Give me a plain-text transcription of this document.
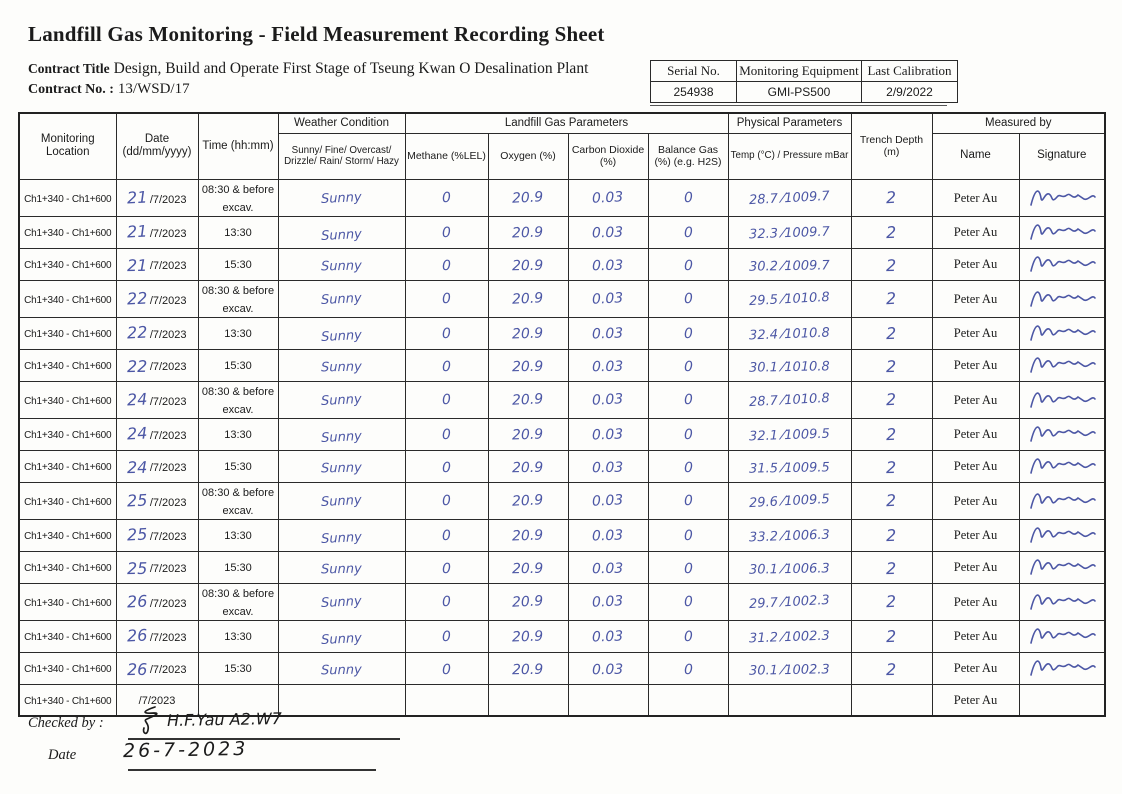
Landfill Gas Monitoring - Field Measurement Recording Sheet
Contract Title Design, Build and Operate First Stage of Tseung Kwan O Desalination Plant
Contract No. : 13/WSD/17
Serial No.	Monitoring Equipment	Last Calibration
254938	GMI-PS500	2/9/2022
Monitoring Location	Date (dd/mm/yyyy)	Time (hh:mm)	Weather Condition	Landfill Gas Parameters				Physical Parameters	Trench Depth (m)	Measured by	
			Sunny/ Fine/ Overcast/ Drizzle/ Rain/ Storm/ Hazy	Methane (%LEL)	Oxygen (%)	Carbon Dioxide (%)	Balance Gas (%) (e.g. H2S)	Temp (°C) / Pressure mBar		Name	Signature
Ch1+340 - Ch1+600	21 /7/2023	08:30 & before excav.	Sunny	0	20.9	0.03	0	28.7 ⁄1009.7	2	Peter Au	
Ch1+340 - Ch1+600	21 /7/2023	13:30	Sunny	0	20.9	0.03	0	32.3 ⁄1009.7	2	Peter Au	
Ch1+340 - Ch1+600	21 /7/2023	15:30	Sunny	0	20.9	0.03	0	30.2 ⁄1009.7	2	Peter Au	
Ch1+340 - Ch1+600	22 /7/2023	08:30 & before excav.	Sunny	0	20.9	0.03	0	29.5 ⁄1010.8	2	Peter Au	
Ch1+340 - Ch1+600	22 /7/2023	13:30	Sunny	0	20.9	0.03	0	32.4 ⁄1010.8	2	Peter Au	
Ch1+340 - Ch1+600	22 /7/2023	15:30	Sunny	0	20.9	0.03	0	30.1 ⁄1010.8	2	Peter Au	
Ch1+340 - Ch1+600	24 /7/2023	08:30 & before excav.	Sunny	0	20.9	0.03	0	28.7 ⁄1010.8	2	Peter Au	
Ch1+340 - Ch1+600	24 /7/2023	13:30	Sunny	0	20.9	0.03	0	32.1 ⁄1009.5	2	Peter Au	
Ch1+340 - Ch1+600	24 /7/2023	15:30	Sunny	0	20.9	0.03	0	31.5 ⁄1009.5	2	Peter Au	
Ch1+340 - Ch1+600	25 /7/2023	08:30 & before excav.	Sunny	0	20.9	0.03	0	29.6 ⁄1009.5	2	Peter Au	
Ch1+340 - Ch1+600	25 /7/2023	13:30	Sunny	0	20.9	0.03	0	33.2 ⁄1006.3	2	Peter Au	
Ch1+340 - Ch1+600	25 /7/2023	15:30	Sunny	0	20.9	0.03	0	30.1 ⁄1006.3	2	Peter Au	
Ch1+340 - Ch1+600	26 /7/2023	08:30 & before excav.	Sunny	0	20.9	0.03	0	29.7 ⁄1002.3	2	Peter Au	
Ch1+340 - Ch1+600	26 /7/2023	13:30	Sunny	0	20.9	0.03	0	31.2 ⁄1002.3	2	Peter Au	
Ch1+340 - Ch1+600	26 /7/2023	15:30	Sunny	0	20.9	0.03	0	30.1 ⁄1002.3	2	Peter Au	
Ch1+340 - Ch1+600	/7/2023									Peter Au	
Checked by :	H.F.Yau A2.W7
Date 26-7-2023
